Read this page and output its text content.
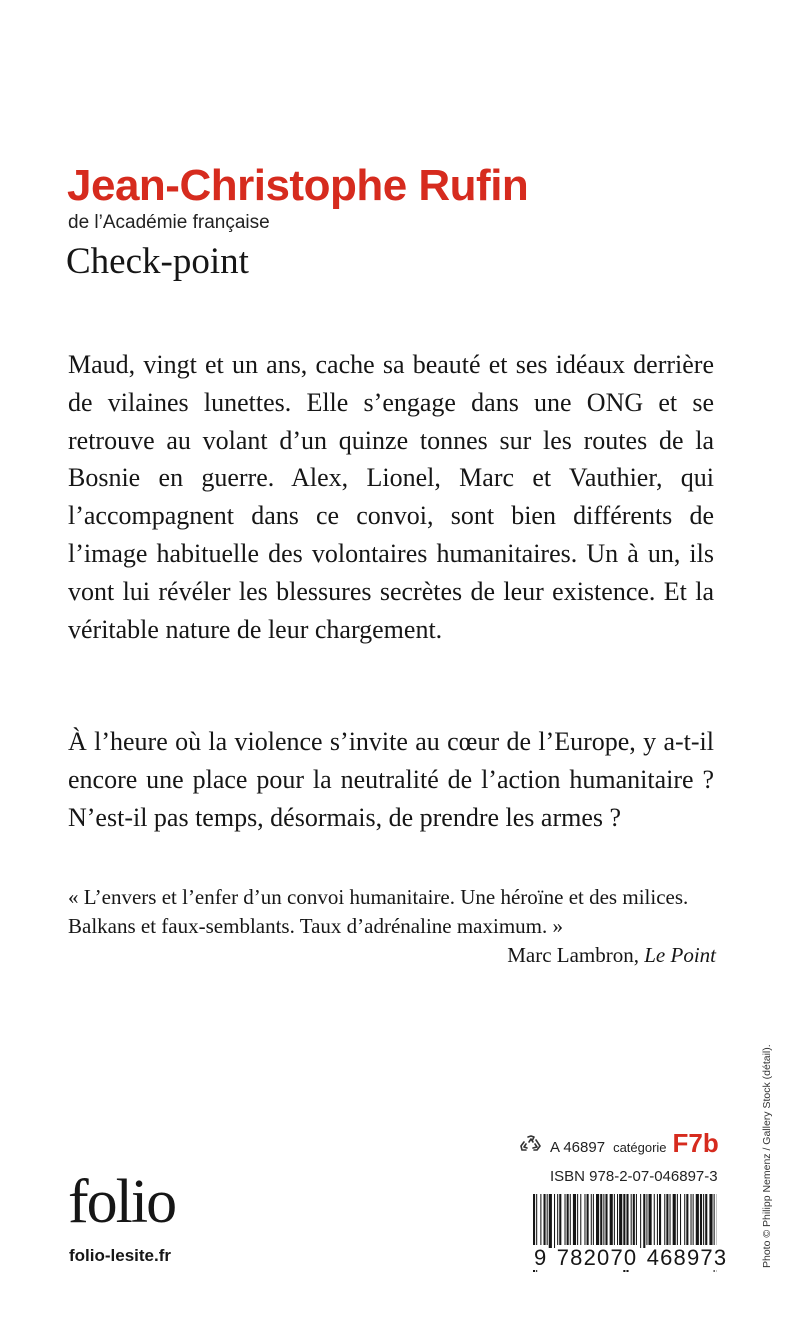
Jean-Christophe Rufin
de l’Académie française
Check-point

Maud, vingt et un ans, cache sa beauté et ses idéaux derrière de vilaines lunettes. Elle s’engage dans une ONG et se retrouve au volant d’un quinze tonnes sur les routes de la Bosnie en guerre. Alex, Lionel, Marc et Vauthier, qui l’accompagnent dans ce convoi, sont bien différents de l’image habituelle des volontaires humanitaires. Un à un, ils vont lui révéler les blessures secrètes de leur existence. Et la véritable nature de leur chargement.

À l’heure où la violence s’invite au cœur de l’Europe, y a-t-il encore une place pour la neutralité de l’action humanitaire ? N’est-il pas temps, désormais, de prendre les armes ?

« L’envers et l’enfer d’un convoi humanitaire. Une héroïne et des milices. Balkans et faux-semblants. Taux d’adrénaline maximum. »

Marc Lambron, Le Point

Photo © Philipp Nemenz / Gallery Stock (détail).
A 46897 catégorie F7b
ISBN 978-2-07-046897-3
9 782070 468973
folio
folio-lesite.fr
